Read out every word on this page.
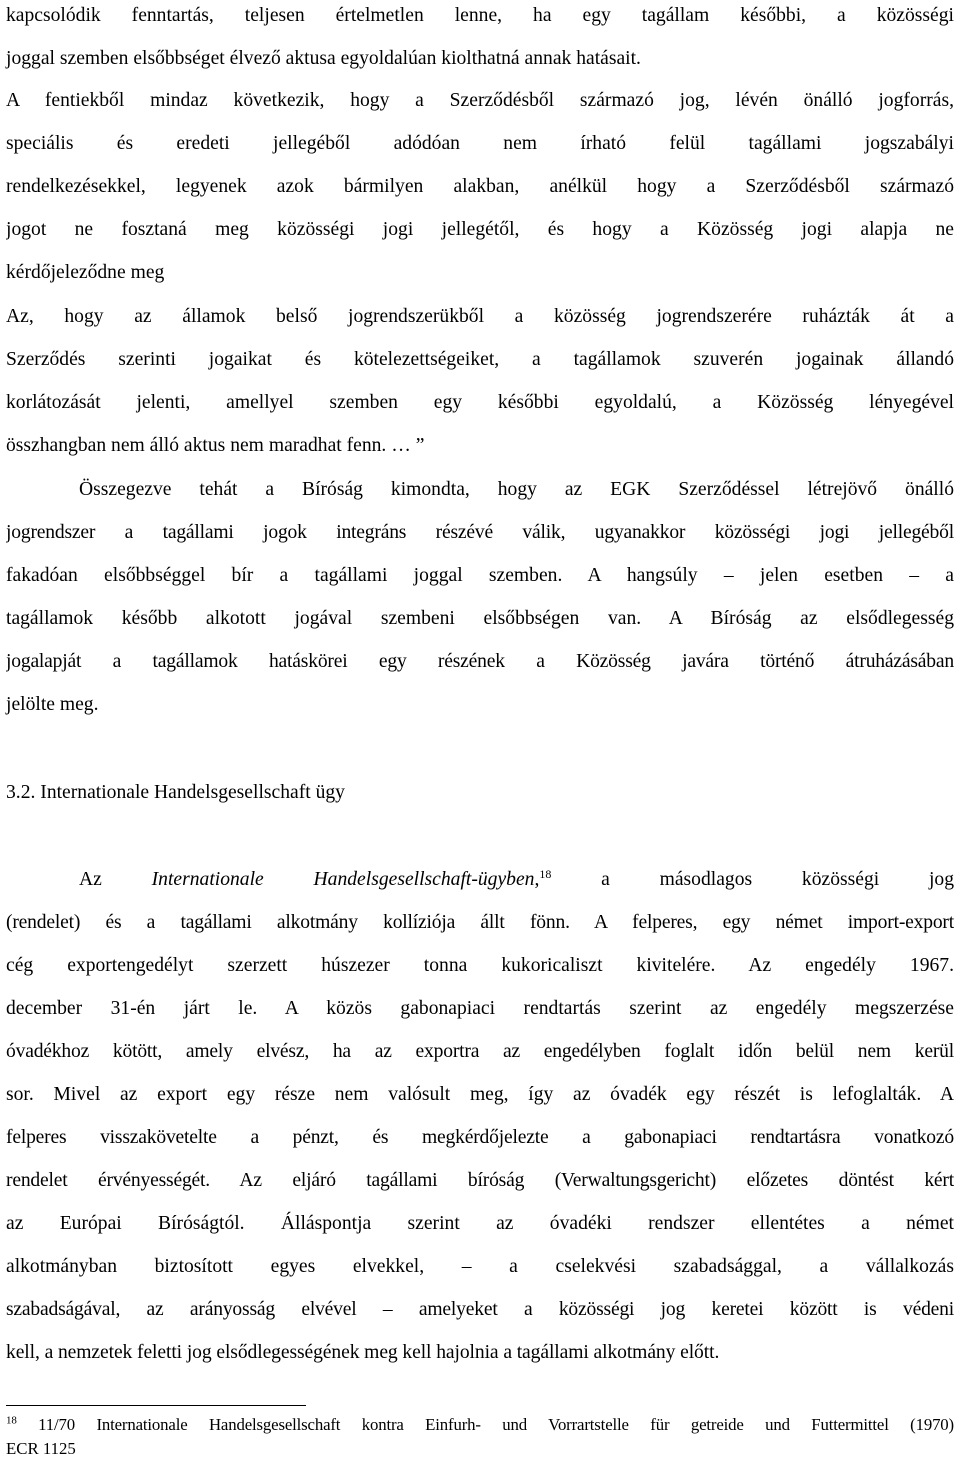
kapcsolódik fenntartás, teljesen értelmetlen lenne, ha egy tagállam későbbi, a közösségi
joggal szemben elsőbbséget élvező aktusa egyoldalúan kiolthatná annak hatásait.
A fentiekből mindaz következik, hogy a Szerződésből származó jog, lévén önálló jogforrás,
speciális és eredeti jellegéből adódóan nem írható felül tagállami jogszabályi
rendelkezésekkel, legyenek azok bármilyen alakban, anélkül hogy a Szerződésből származó
jogot ne fosztaná meg közösségi jogi jellegétől, és hogy a Közösség jogi alapja ne
kérdőjeleződne meg
Az, hogy az államok belső jogrendszerükből a közösség jogrendszerére ruházták át a
Szerződés szerinti jogaikat és kötelezettségeiket, a tagállamok szuverén jogainak állandó
korlátozását jelenti, amellyel szemben egy későbbi egyoldalú, a Közösség lényegével
összhangban nem álló aktus nem maradhat fenn. … ”
Összegezve tehát a Bíróság kimondta, hogy az EGK Szerződéssel létrejövő önálló
jogrendszer a tagállami jogok integráns részévé válik, ugyanakkor közösségi jogi jellegéből
fakadóan elsőbbséggel bír a tagállami joggal szemben. A hangsúly – jelen esetben – a
tagállamok később alkotott jogával szembeni elsőbbségen van. A Bíróság az elsődlegesség
jogalapját a tagállamok hatáskörei egy részének a Közösség javára történő átruházásában
jelölte meg.
3.2. Internationale Handelsgesellschaft ügy
Az Internationale Handelsgesellschaft-ügyben,$^{18}$ a másodlagos közösségi jog
(rendelet) és a tagállami alkotmány kollíziója állt fönn. A felperes, egy német import-export
cég exportengedélyt szerzett húszezer tonna kukoricaliszt kivitelére. Az engedély 1967.
december 31-én járt le. A közös gabonapiaci rendtartás szerint az engedély megszerzése
óvadékhoz kötött, amely elvész, ha az exportra az engedélyben foglalt időn belül nem kerül
sor. Mivel az export egy része nem valósult meg, így az óvadék egy részét is lefoglalták. A
felperes visszakövetelte a pénzt, és megkérdőjelezte a gabonapiaci rendtartásra vonatkozó
rendelet érvényességét. Az eljáró tagállami bíróság (Verwaltungsgericht) előzetes döntést kért
az Európai Bíróságtól. Álláspontja szerint az óvadéki rendszer ellentétes a német
alkotmányban biztosított egyes elvekkel, – a cselekvési szabadsággal, a vállalkozás
szabadságával, az arányosság elvével – amelyeket a közösségi jog keretei között is védeni
kell, a nemzetek feletti jog elsődlegességének meg kell hajolnia a tagállami alkotmány előtt.
$^{18}$ 11/70 Internationale Handelsgesellschaft kontra Einfurh- und Vorrartstelle für getreide und Futtermittel (1970)
ECR 1125
